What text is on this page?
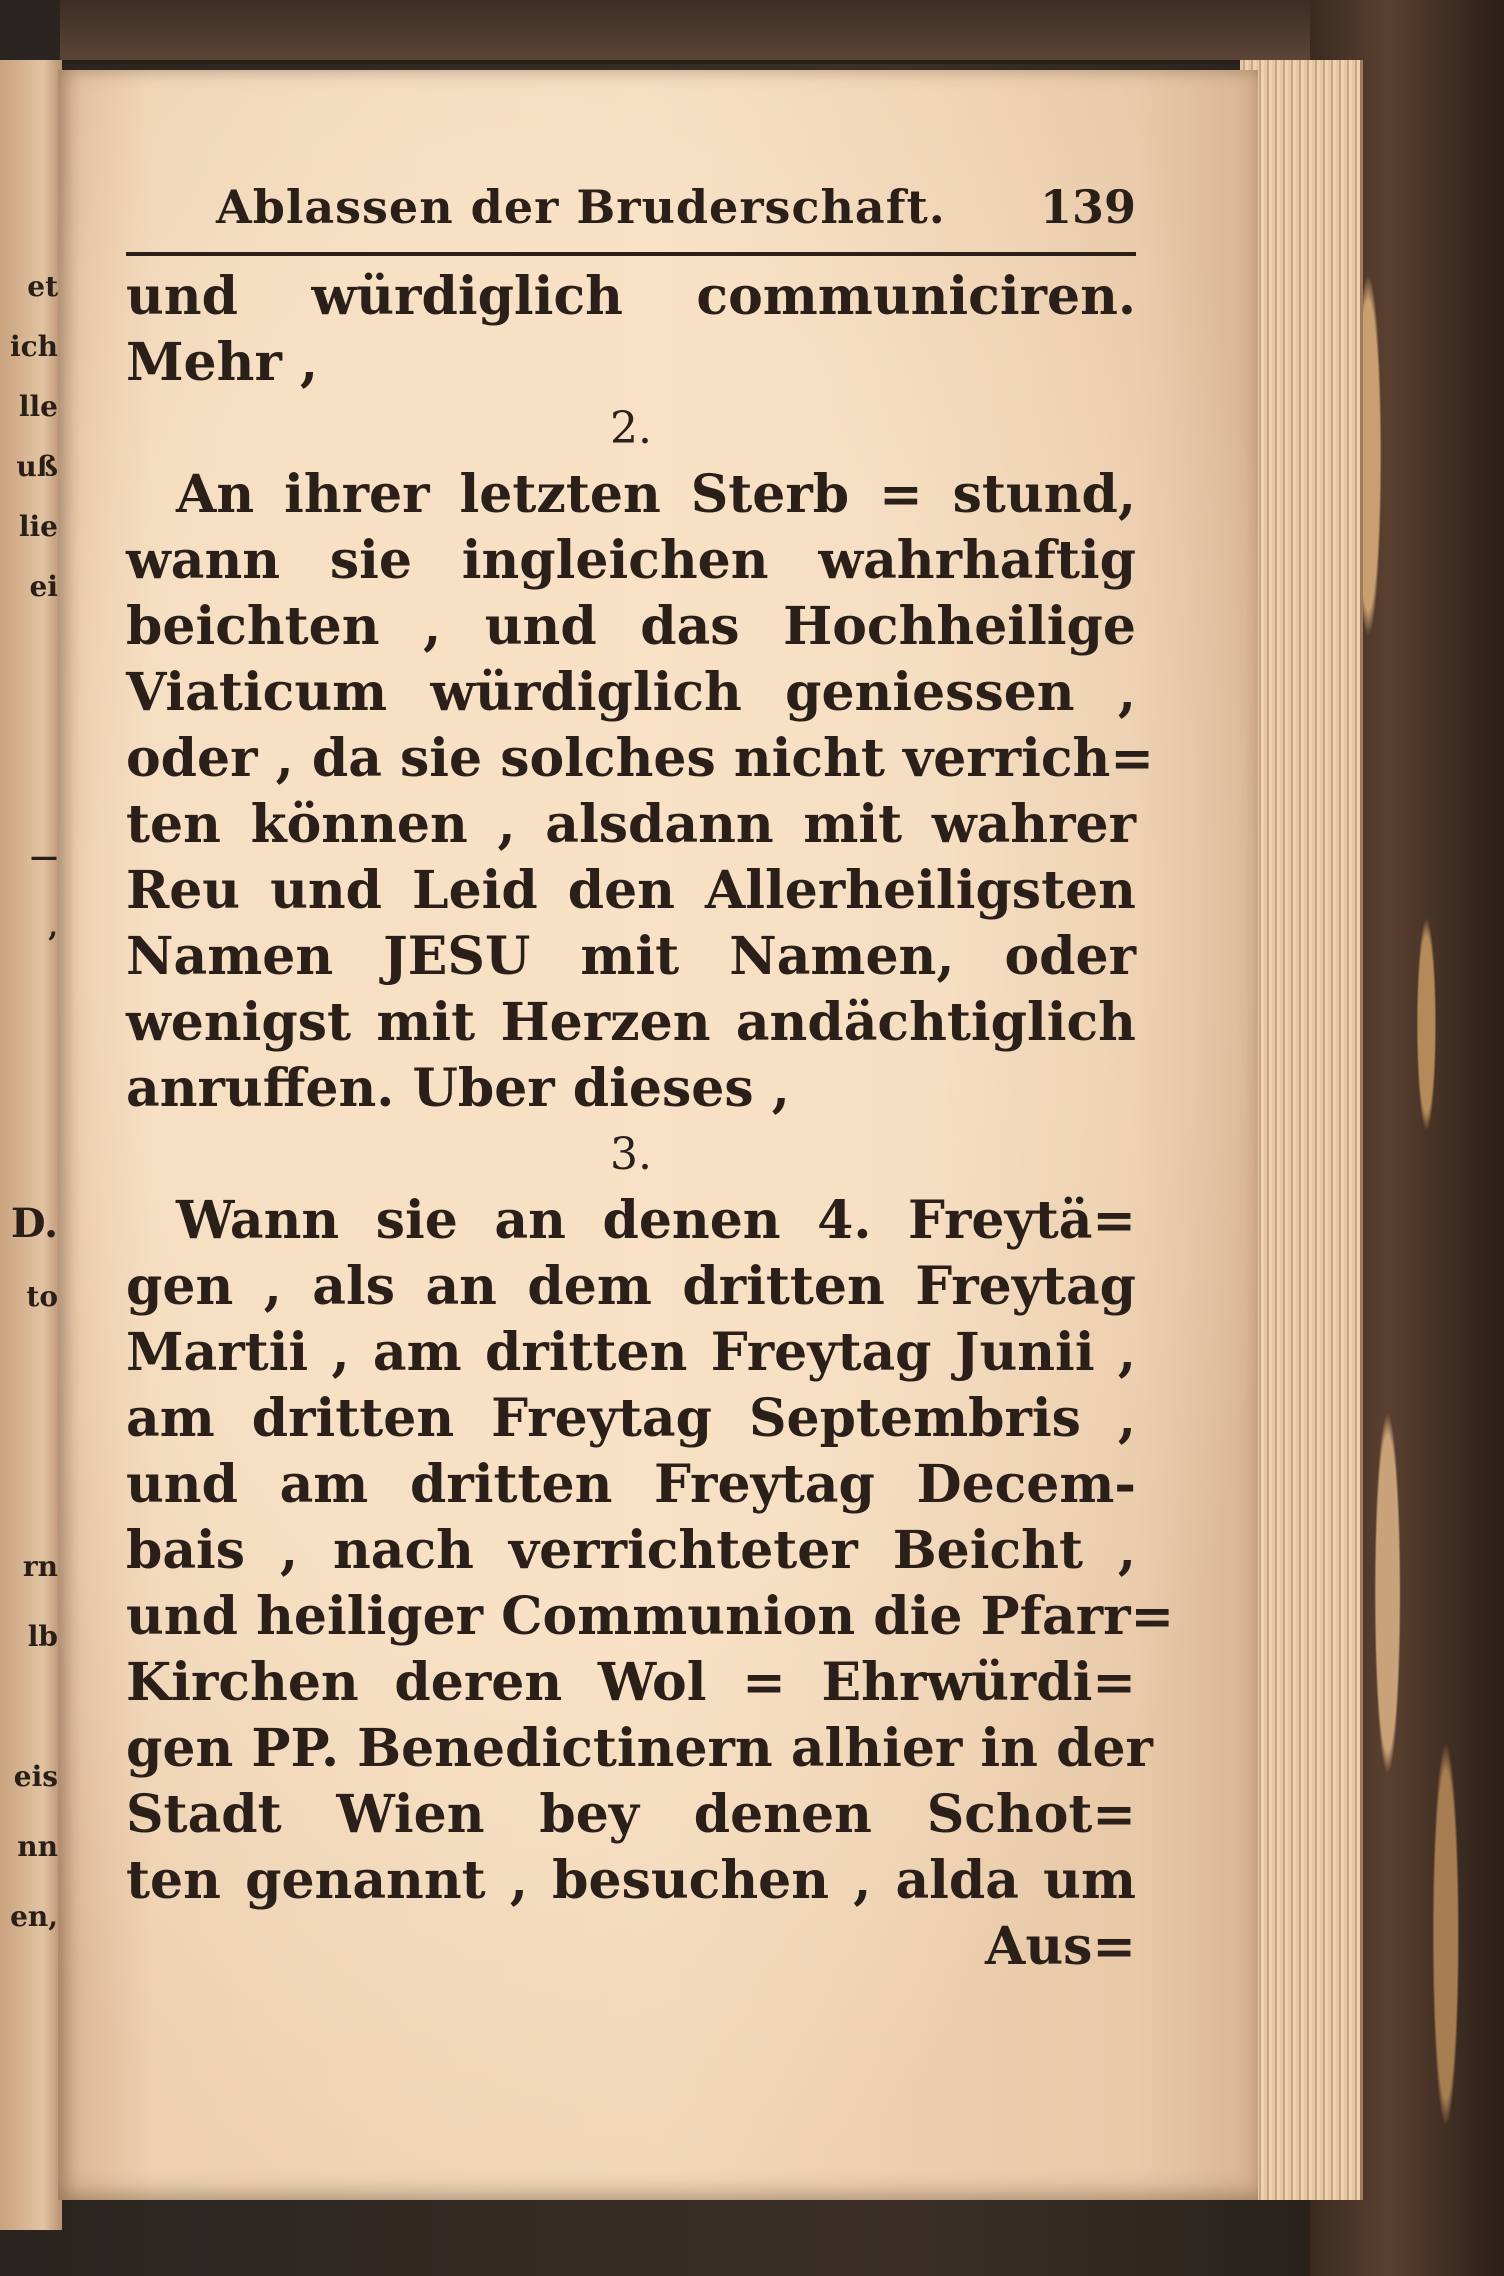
et
ich
lle
uß
lie
ei
—
,
D.
to
rn
lb
eis
nn
en,
Ablassen der Bruderschaft. 139
und würdiglich communiciren.
Mehr ,
2.
An ihrer letzten Sterb = stund,
wann sie ingleichen wahrhaftig
beichten , und das Hochheilige
Viaticum würdiglich geniessen ,
oder , da sie solches nicht verrich=
ten können , alsdann mit wahrer
Reu und Leid den Allerheiligsten
Namen JESU mit Namen, oder
wenigst mit Herzen andächtiglich
anruffen. Uber dieses ,
3.
Wann sie an denen 4. Freytä=
gen , als an dem dritten Freytag
Martii , am dritten Freytag Junii ,
am dritten Freytag Septembris ,
und am dritten Freytag Decem-
bais , nach verrichteter Beicht ,
und heiliger Communion die Pfarr=
Kirchen deren Wol = Ehrwürdi=
gen PP. Benedictinern alhier in der
Stadt Wien bey denen Schot=
ten genannt , besuchen , alda um
Aus=
